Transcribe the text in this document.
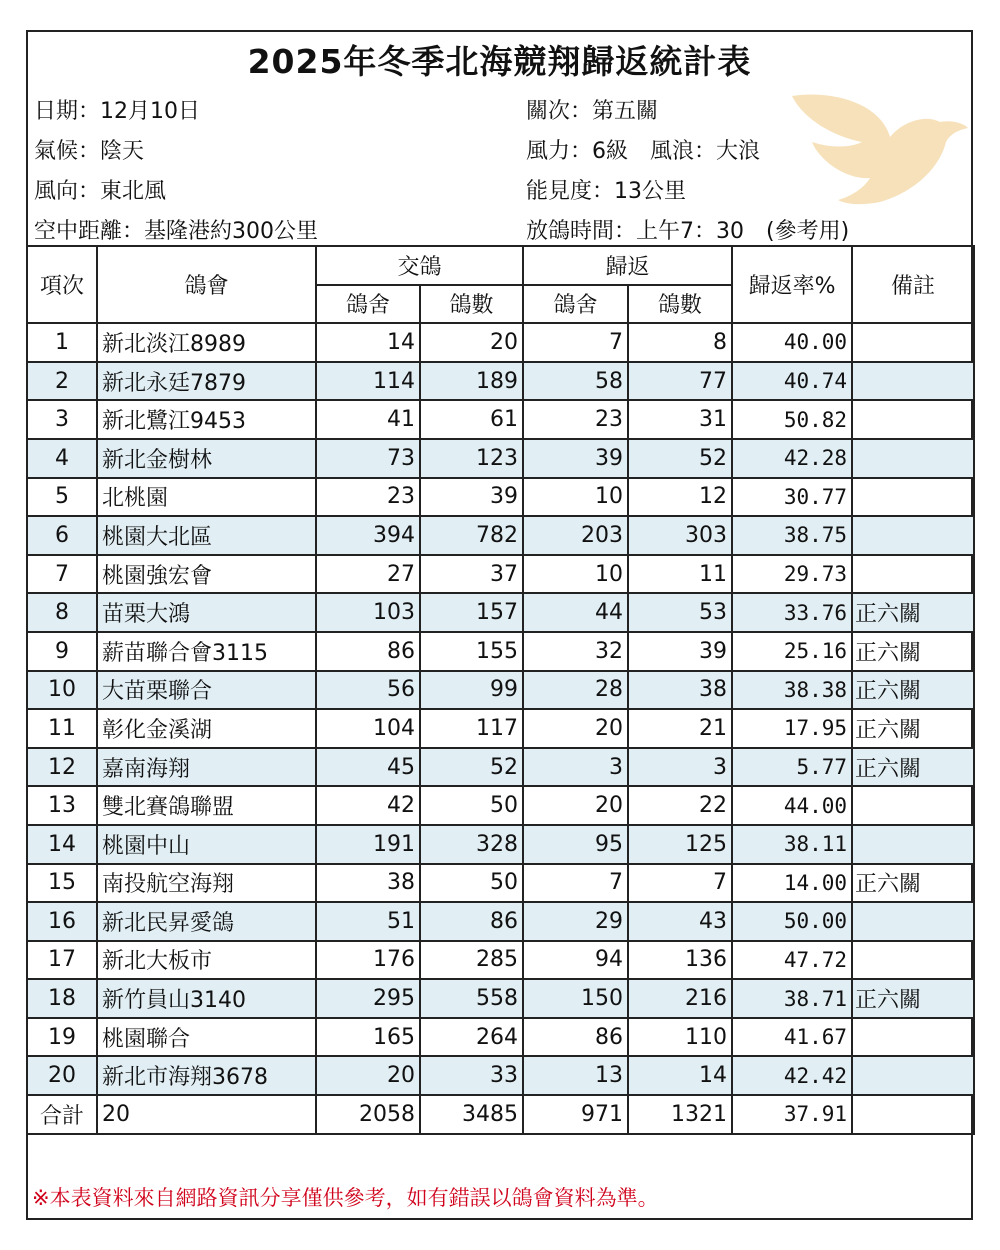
2025年冬季北海競翔歸返統計表
日期：12月10日
氣候：陰天
風向：東北風
空中距離：基隆港約300公里
關次：第五關
風力：6級　風浪：大浪
能見度：13公里
放鴿時間：上午7：30　(參考用)
項次	鴿會	交鴿		歸返		歸返率%	備註
		鴿舍	鴿數	鴿舍	鴿數		
1	新北淡江8989	14	20	7	8	40.00	
2	新北永廷7879	114	189	58	77	40.74	
3	新北鷺江9453	41	61	23	31	50.82	
4	新北金樹林	73	123	39	52	42.28	
5	北桃園	23	39	10	12	30.77	
6	桃園大北區	394	782	203	303	38.75	
7	桃園強宏會	27	37	10	11	29.73	
8	苗栗大鴻	103	157	44	53	33.76	正六關
9	薪苗聯合會3115	86	155	32	39	25.16	正六關
10	大苗栗聯合	56	99	28	38	38.38	正六關
11	彰化金溪湖	104	117	20	21	17.95	正六關
12	嘉南海翔	45	52	3	3	5.77	正六關
13	雙北賽鴿聯盟	42	50	20	22	44.00	
14	桃園中山	191	328	95	125	38.11	
15	南投航空海翔	38	50	7	7	14.00	正六關
16	新北民昇愛鴿	51	86	29	43	50.00	
17	新北大板市	176	285	94	136	47.72	
18	新竹員山3140	295	558	150	216	38.71	正六關
19	桃園聯合	165	264	86	110	41.67	
20	新北市海翔3678	20	33	13	14	42.42	
合計	20	2058	3485	971	1321	37.91	
※本表資料來自網路資訊分享僅供參考，如有錯誤以鴿會資料為準。
